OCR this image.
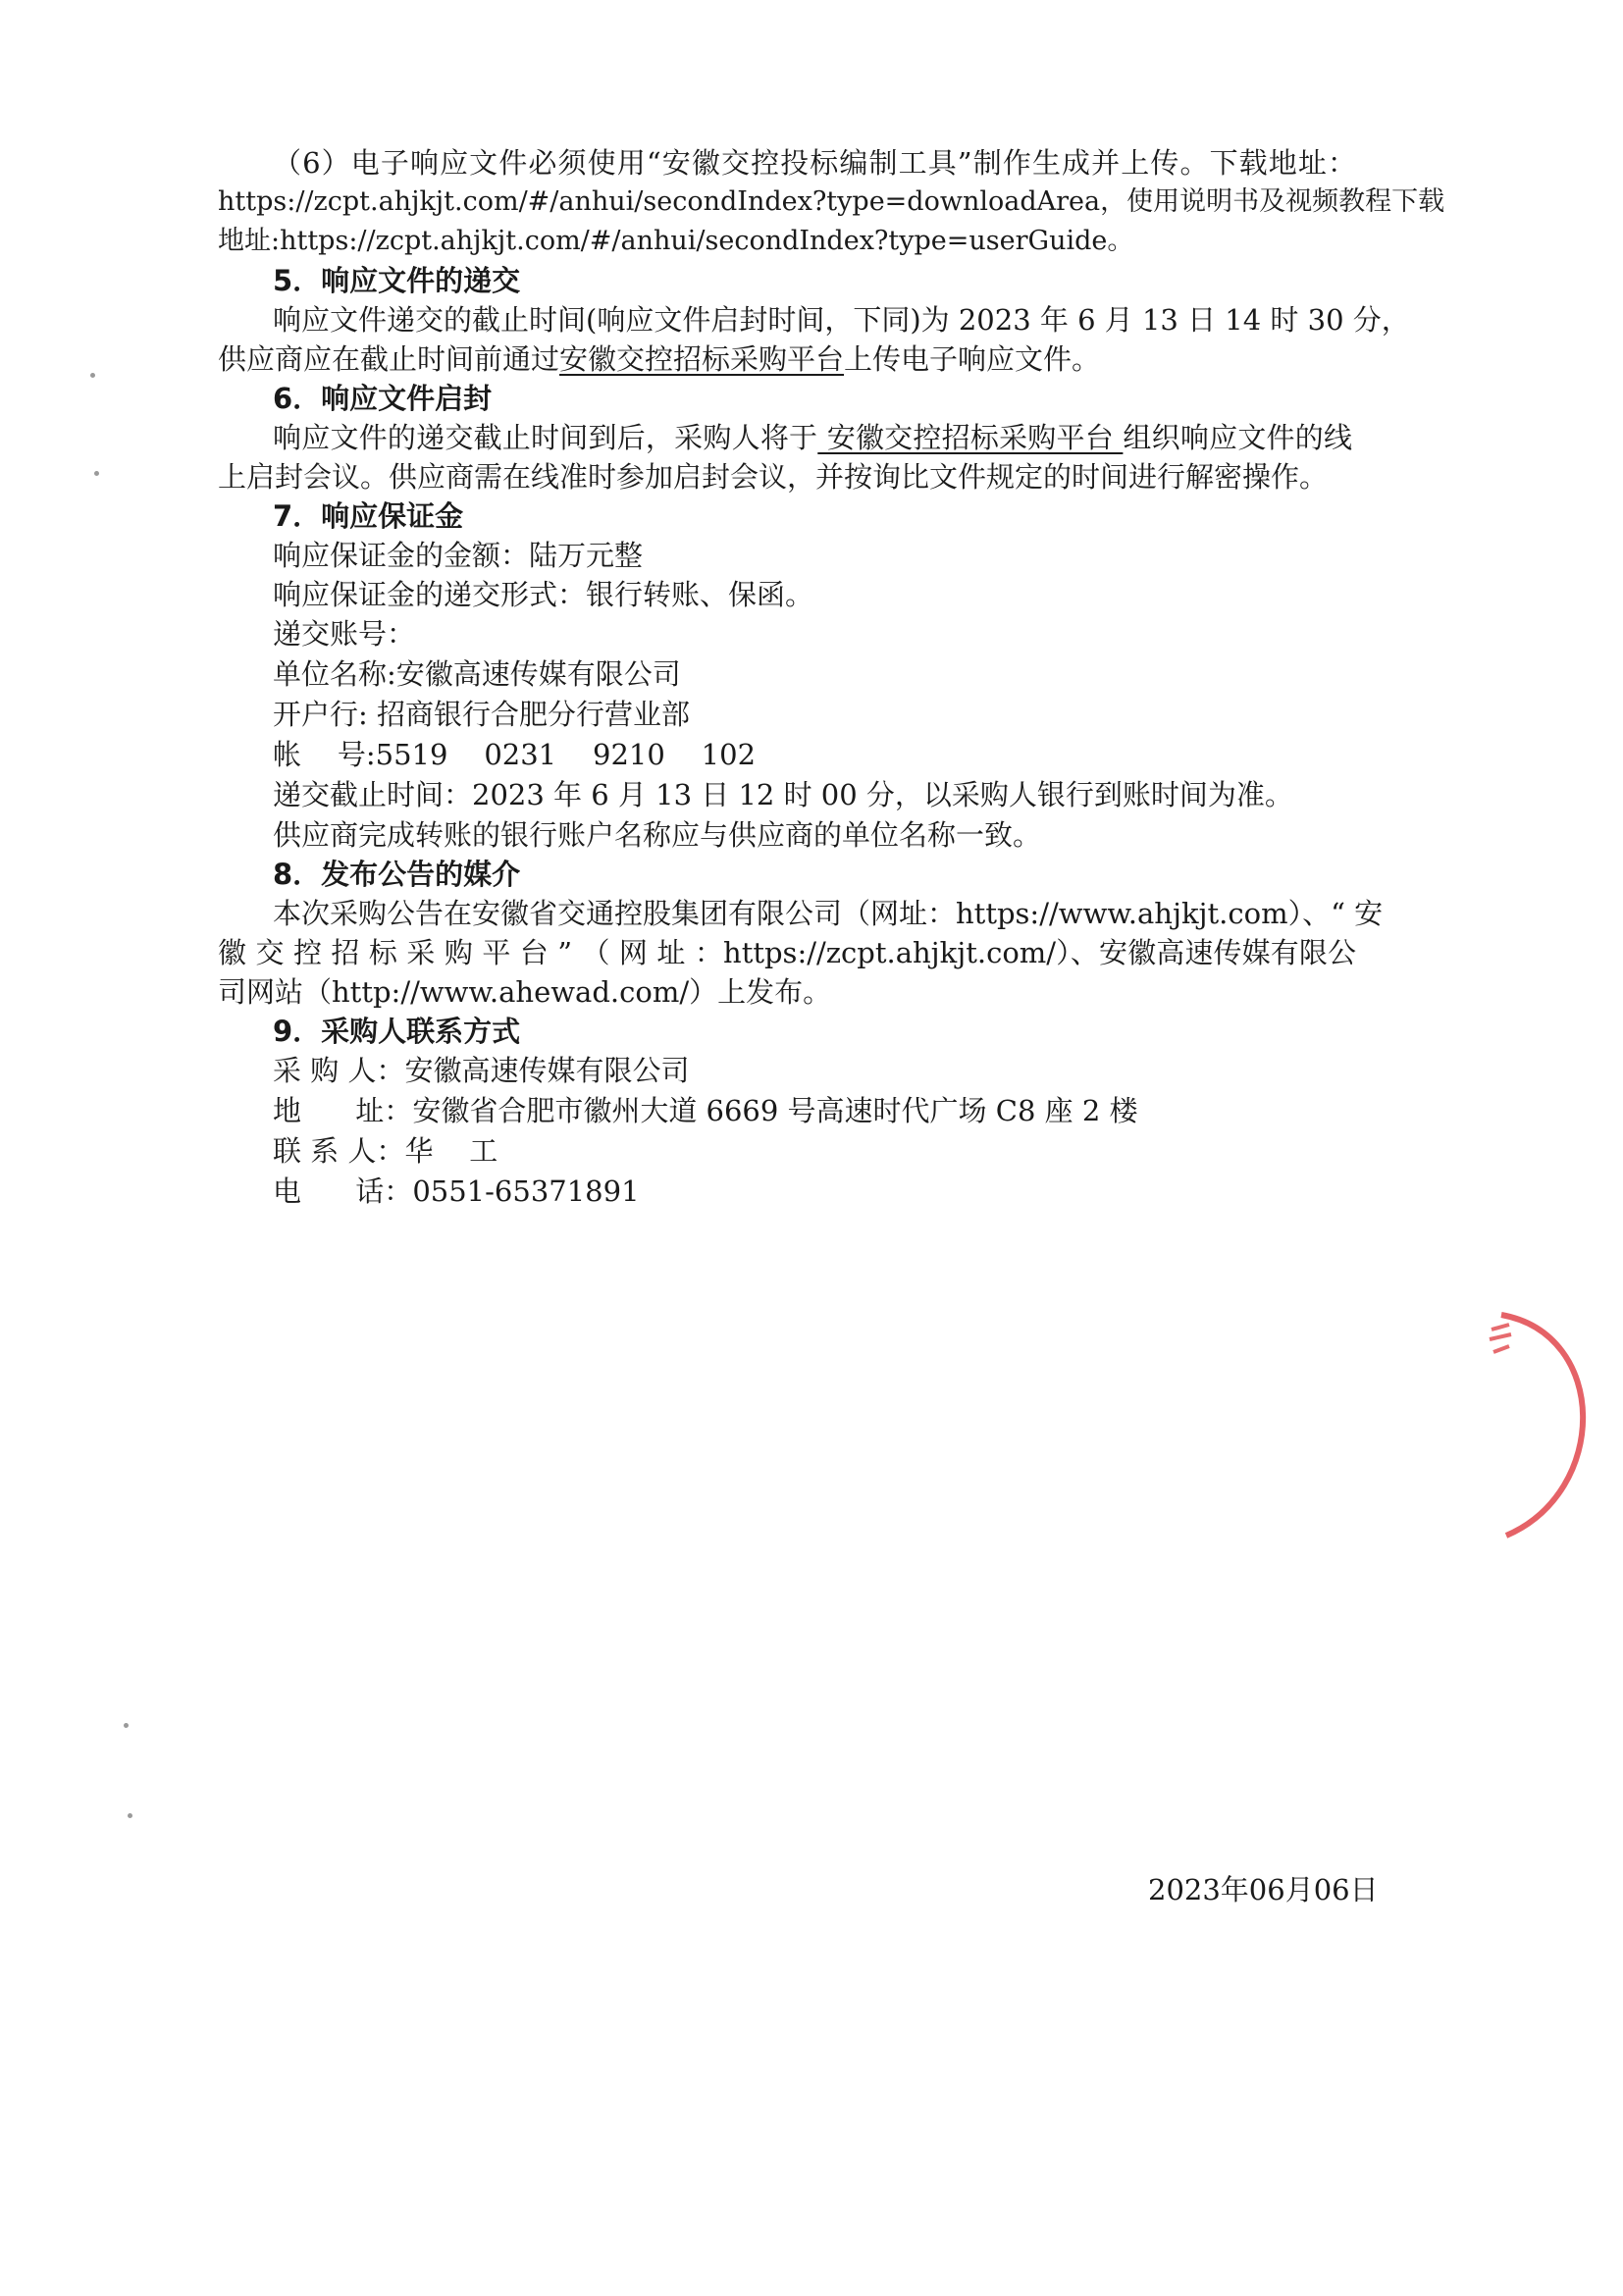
（6）电子响应文件必须使用“安徽交控投标编制工具”制作生成并上传。下载地址：
https://zcpt.ahjkjt.com/#/anhui/secondIndex?type=downloadArea，使用说明书及视频教程下载
地址:https://zcpt.ahjkjt.com/#/anhui/secondIndex?type=userGuide。
5．响应文件的递交
响应文件递交的截止时间(响应文件启封时间，下同)为 2023 年 6 月 13 日 14 时 30 分，
供应商应在截止时间前通过安徽交控招标采购平台上传电子响应文件。
6．响应文件启封
响应文件的递交截止时间到后，采购人将于 安徽交控招标采购平台 组织响应文件的线
上启封会议。供应商需在线准时参加启封会议，并按询比文件规定的时间进行解密操作。
7．响应保证金
响应保证金的金额：陆万元整
响应保证金的递交形式：银行转账、保函。
递交账号：
单位名称:安徽高速传媒有限公司
开户行: 招商银行合肥分行营业部
帐    号:5519    0231    9210    102
递交截止时间：2023 年 6 月 13 日 12 时 00 分，以采购人银行到账时间为准。
供应商完成转账的银行账户名称应与供应商的单位名称一致。
8．发布公告的媒介
本次采购公告在安徽省交通控股集团有限公司（网址：https://www.ahjkjt.com）、“ 安
徽 交 控 招 标 采 购 平 台 ” （ 网 址 ：https://zcpt.ahjkjt.com/）、安徽高速传媒有限公
司网站（http://www.ahewad.com/）上发布。
9．采购人联系方式
采 购 人：安徽高速传媒有限公司
地      址：安徽省合肥市徽州大道 6669 号高速时代广场 C8 座 2 楼
联 系 人：华    工
电      话：0551-65371891
2023年06月06日
